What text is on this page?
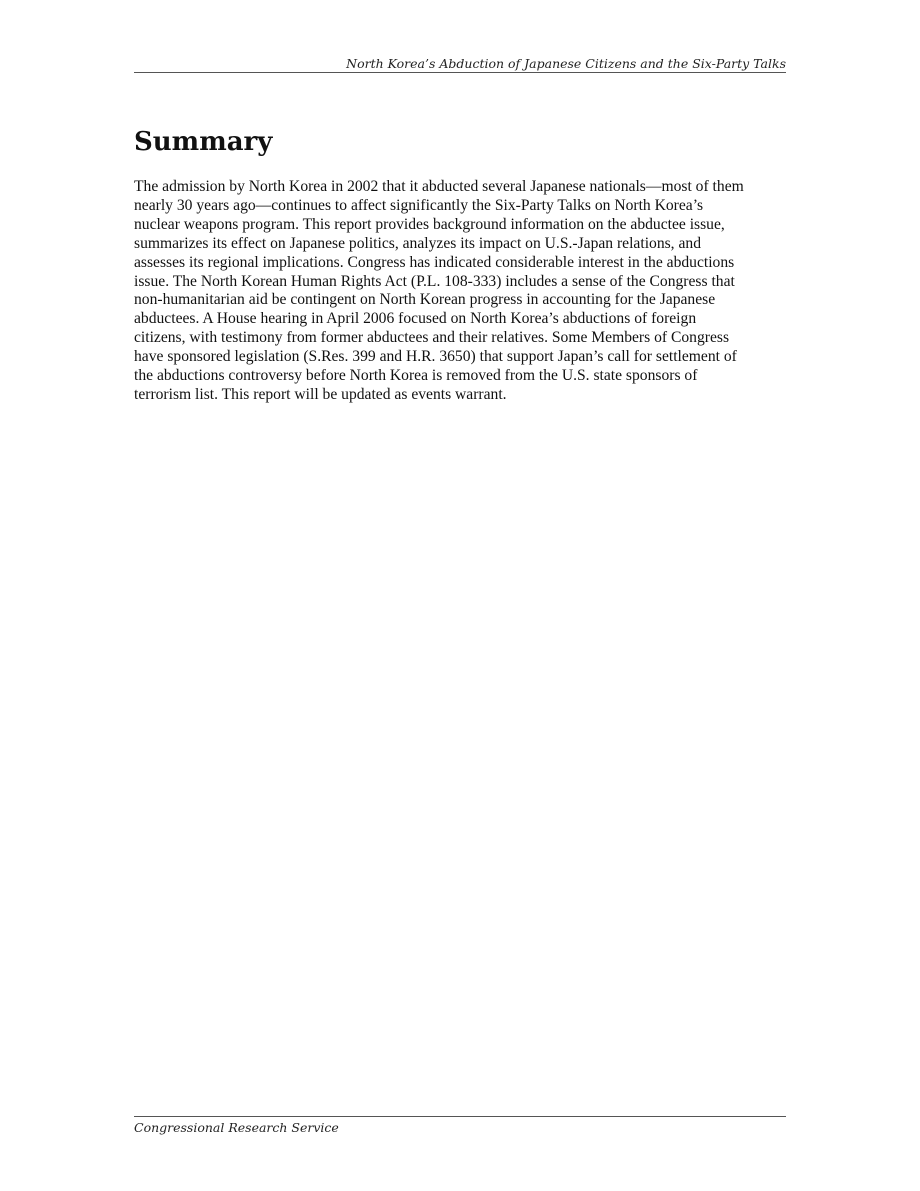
North Korea’s Abduction of Japanese Citizens and the Six-Party Talks
Summary

The admission by North Korea in 2002 that it abducted several Japanese nationals—most of them
nearly 30 years ago—continues to affect significantly the Six-Party Talks on North Korea’s
nuclear weapons program. This report provides background information on the abductee issue,
summarizes its effect on Japanese politics, analyzes its impact on U.S.-Japan relations, and
assesses its regional implications. Congress has indicated considerable interest in the abductions
issue. The North Korean Human Rights Act (P.L. 108-333) includes a sense of the Congress that
non-humanitarian aid be contingent on North Korean progress in accounting for the Japanese
abductees. A House hearing in April 2006 focused on North Korea’s abductions of foreign
citizens, with testimony from former abductees and their relatives. Some Members of Congress
have sponsored legislation (S.Res. 399 and H.R. 3650) that support Japan’s call for settlement of
the abductions controversy before North Korea is removed from the U.S. state sponsors of
terrorism list. This report will be updated as events warrant.

Congressional Research Service
